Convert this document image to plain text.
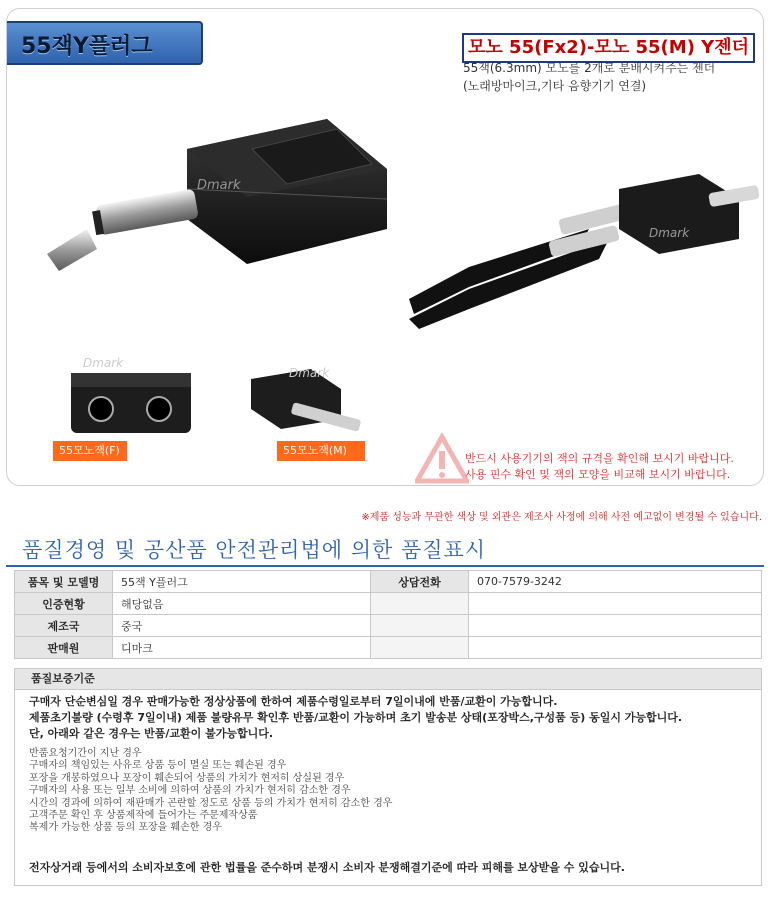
55잭Y플러그	모노 55(Fx2)-모노 55(M) Y젠더
55잭(6.3mm) 모노를 2개로 분배시켜주는 젠더
(노래방마이크,기타 음향기기 연결)
Dmark
Dmark
Dmark
Dmark
55모노잭(F)	55모노잭(M)
반드시 사용기기의 잭의 규격을 확인해 보시기 바랍니다.
사용 핀수 확인 및 잭의 모양을 비교해 보시기 바랍니다.
※제품 성능과 무관한 색상 및 외관은 제조사 사정에 의해 사전 예고없이 변경될 수 있습니다.
품질경영 및 공산품 안전관리법에 의한 품질표시
품목 및 모델명	55잭 Y플러그	상담전화	070-7579-3242
인증현황	해당없음		
제조국	중국		
판매원	디마크		
품질보증기준
구매자 단순변심일 경우 판매가능한 정상상품에 한하여 제품수령일로부터 7일이내에 반품/교환이 가능합니다.
제품초기불량 (수령후 7일이내) 제품 불량유무 확인후 반품/교환이 가능하며 초기 발송분 상태(포장박스,구성품 등) 동일시 가능합니다.
단, 아래와 같은 경우는 반품/교환이 불가능합니다.
반품요청기간이 지난 경우
구매자의 책임있는 사유로 상품 등이 멸실 또는 훼손된 경우
포장을 개봉하였으나 포장이 훼손되어 상품의 가치가 현저히 상실된 경우
구매자의 사용 또는 일부 소비에 의하여 상품의 가치가 현저히 감소한 경우
시간의 경과에 의하여 재판매가 곤란할 정도로 상품 등의 가치가 현저히 감소한 경우
고객주문 확인 후 상품제작에 들어가는 주문제작상품
복제가 가능한 상품 등의 포장을 훼손한 경우
전자상거래 등에서의 소비자보호에 관한 법률을 준수하며 분쟁시 소비자 분쟁해결기준에 따라 피해를 보상받을 수 있습니다.
